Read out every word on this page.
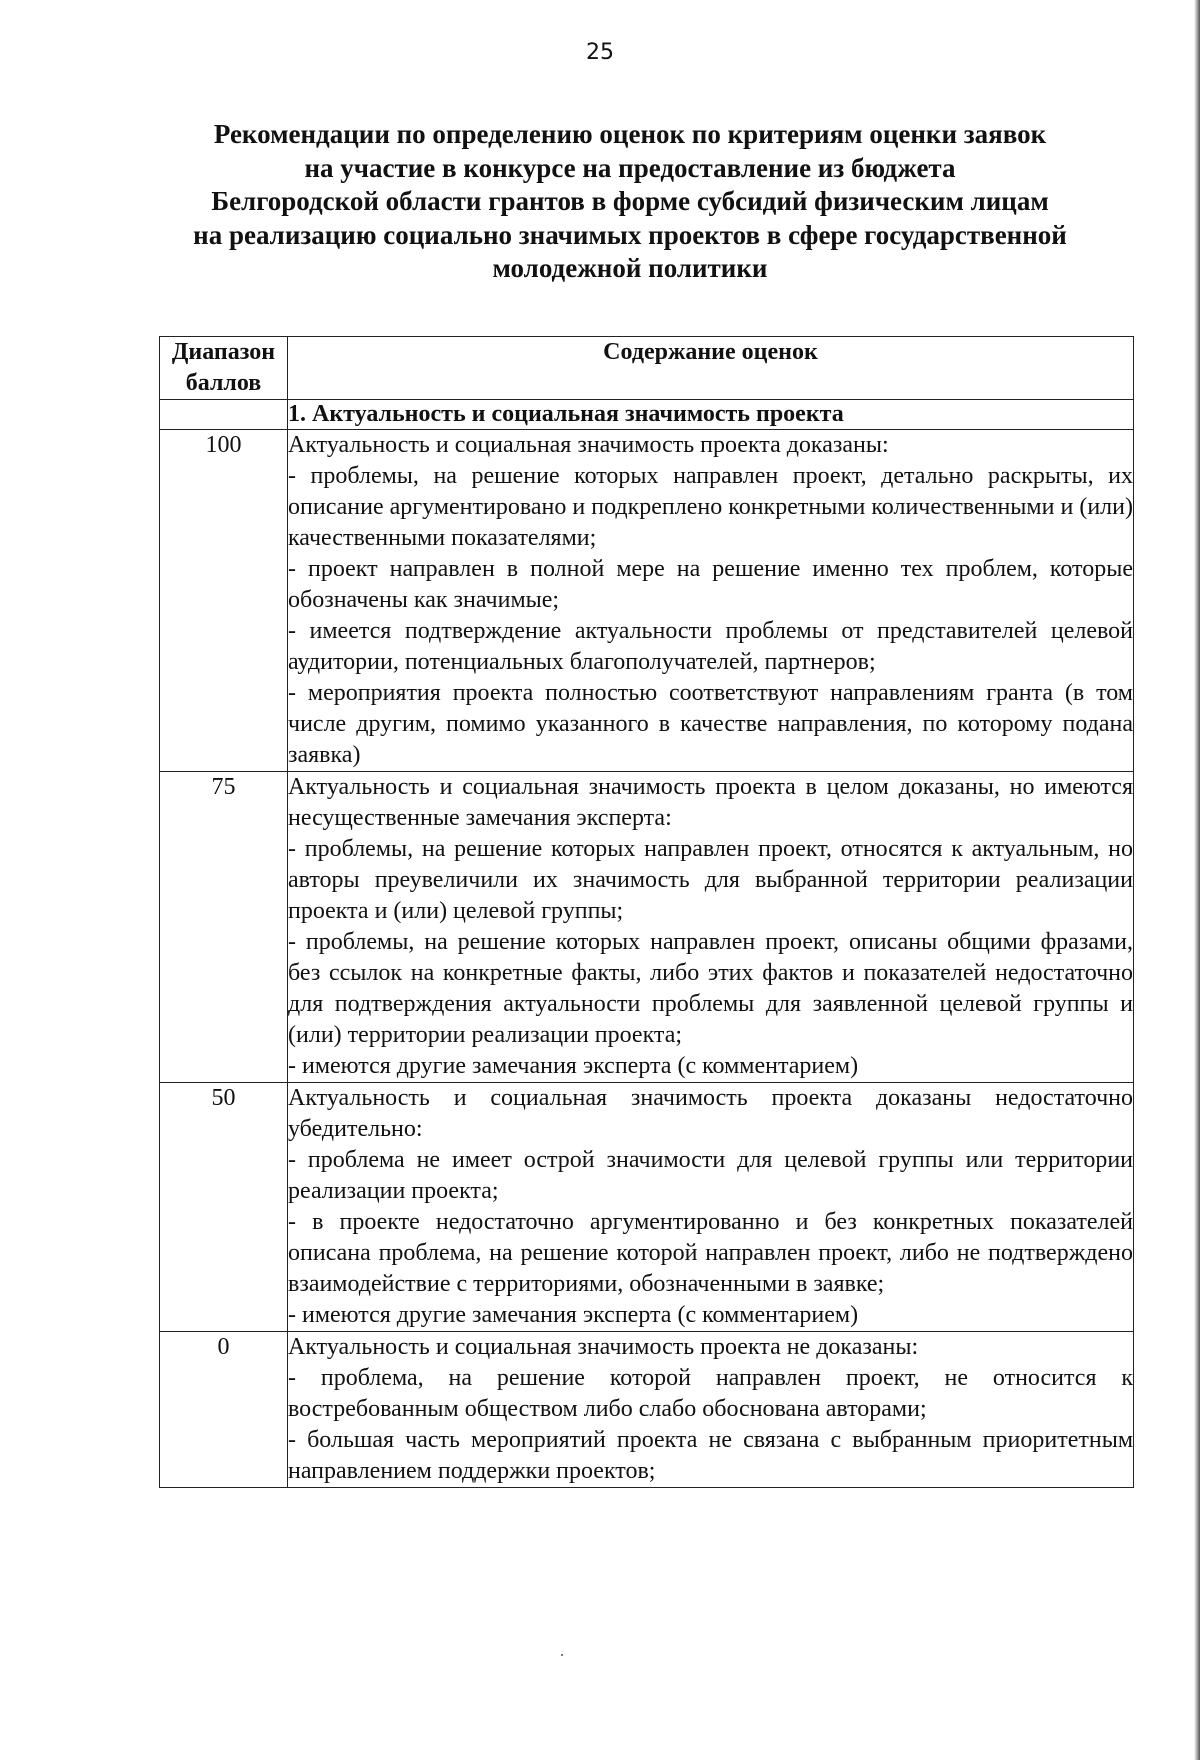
25
Рекомендации по определению оценок по критериям оценки заявок
на участие в конкурсе на предоставление из бюджета
Белгородской области грантов в форме субсидий физическим лицам
на реализацию социально значимых проектов в сфере государственной
молодежной политики
Диапазон баллов	Содержание оценок
	1. Актуальность и социальная значимость проекта
100	Актуальность и социальная значимость проекта доказаны:

- проблемы, на решение которых направлен проект, детально раскрыты, их описание аргументировано и подкреплено конкретными количественными и (или) качественными показателями;

- проект направлен в полной мере на решение именно тех проблем, которые обозначены как значимые;

- имеется подтверждение актуальности проблемы от представителей целевой аудитории, потенциальных благополучателей, партнеров;

- мероприятия проекта полностью соответствуют направлениям гранта (в том числе другим, помимо указанного в качестве направления, по которому подана заявка)

75	Актуальность и социальная значимость проекта в целом доказаны, но имеются несущественные замечания эксперта:

- проблемы, на решение которых направлен проект, относятся к актуальным, но авторы преувеличили их значимость для выбранной территории реализации проекта и (или) целевой группы;

- проблемы, на решение которых направлен проект, описаны общими фразами, без ссылок на конкретные факты, либо этих фактов и показателей недостаточно для подтверждения актуальности проблемы для заявленной целевой группы и (или) территории реализации проекта;

- имеются другие замечания эксперта (с комментарием)

50	Актуальность и социальная значимость проекта доказаны недостаточно убедительно:

- проблема не имеет острой значимости для целевой группы или территории реализации проекта;

- в проекте недостаточно аргументированно и без конкретных показателей описана проблема, на решение которой направлен проект, либо не подтверждено взаимодействие с территориями, обозначенными в заявке;

- имеются другие замечания эксперта (с комментарием)

0	Актуальность и социальная значимость проекта не доказаны:

- проблема, на решение которой направлен проект, не относится к востребованным обществом либо слабо обоснована авторами;

- большая часть мероприятий проекта не связана с выбранным приоритетным направлением поддержки проектов;
